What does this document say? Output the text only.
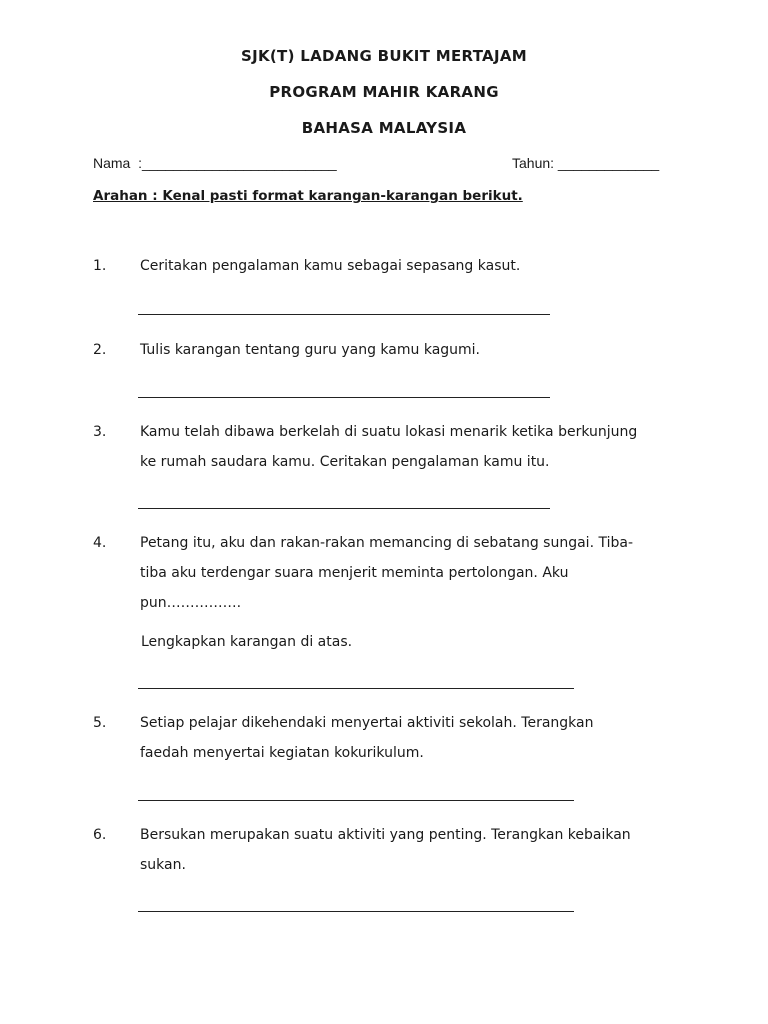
SJK(T) LADANG BUKIT MERTAJAM
PROGRAM MAHIR KARANG
BAHASA MALAYSIA
Nama  :_________________________	Tahun: _____________
Arahan : Kenal pasti format karangan-karangan berikut.
1. Ceritakan pengalaman kamu sebagai sepasang kasut.
2. Tulis karangan tentang guru yang kamu kagumi.
3. Kamu telah dibawa berkelah di suatu lokasi menarik ketika berkunjung
ke rumah saudara kamu. Ceritakan pengalaman kamu itu.
4. Petang itu, aku dan rakan-rakan memancing di sebatang sungai. Tiba-
tiba aku terdengar suara menjerit meminta pertolongan. Aku
pun…………….
Lengkapkan karangan di atas.
5. Setiap pelajar dikehendaki menyertai aktiviti sekolah. Terangkan
faedah menyertai kegiatan kokurikulum.
6. Bersukan merupakan suatu aktiviti yang penting. Terangkan kebaikan
sukan.
